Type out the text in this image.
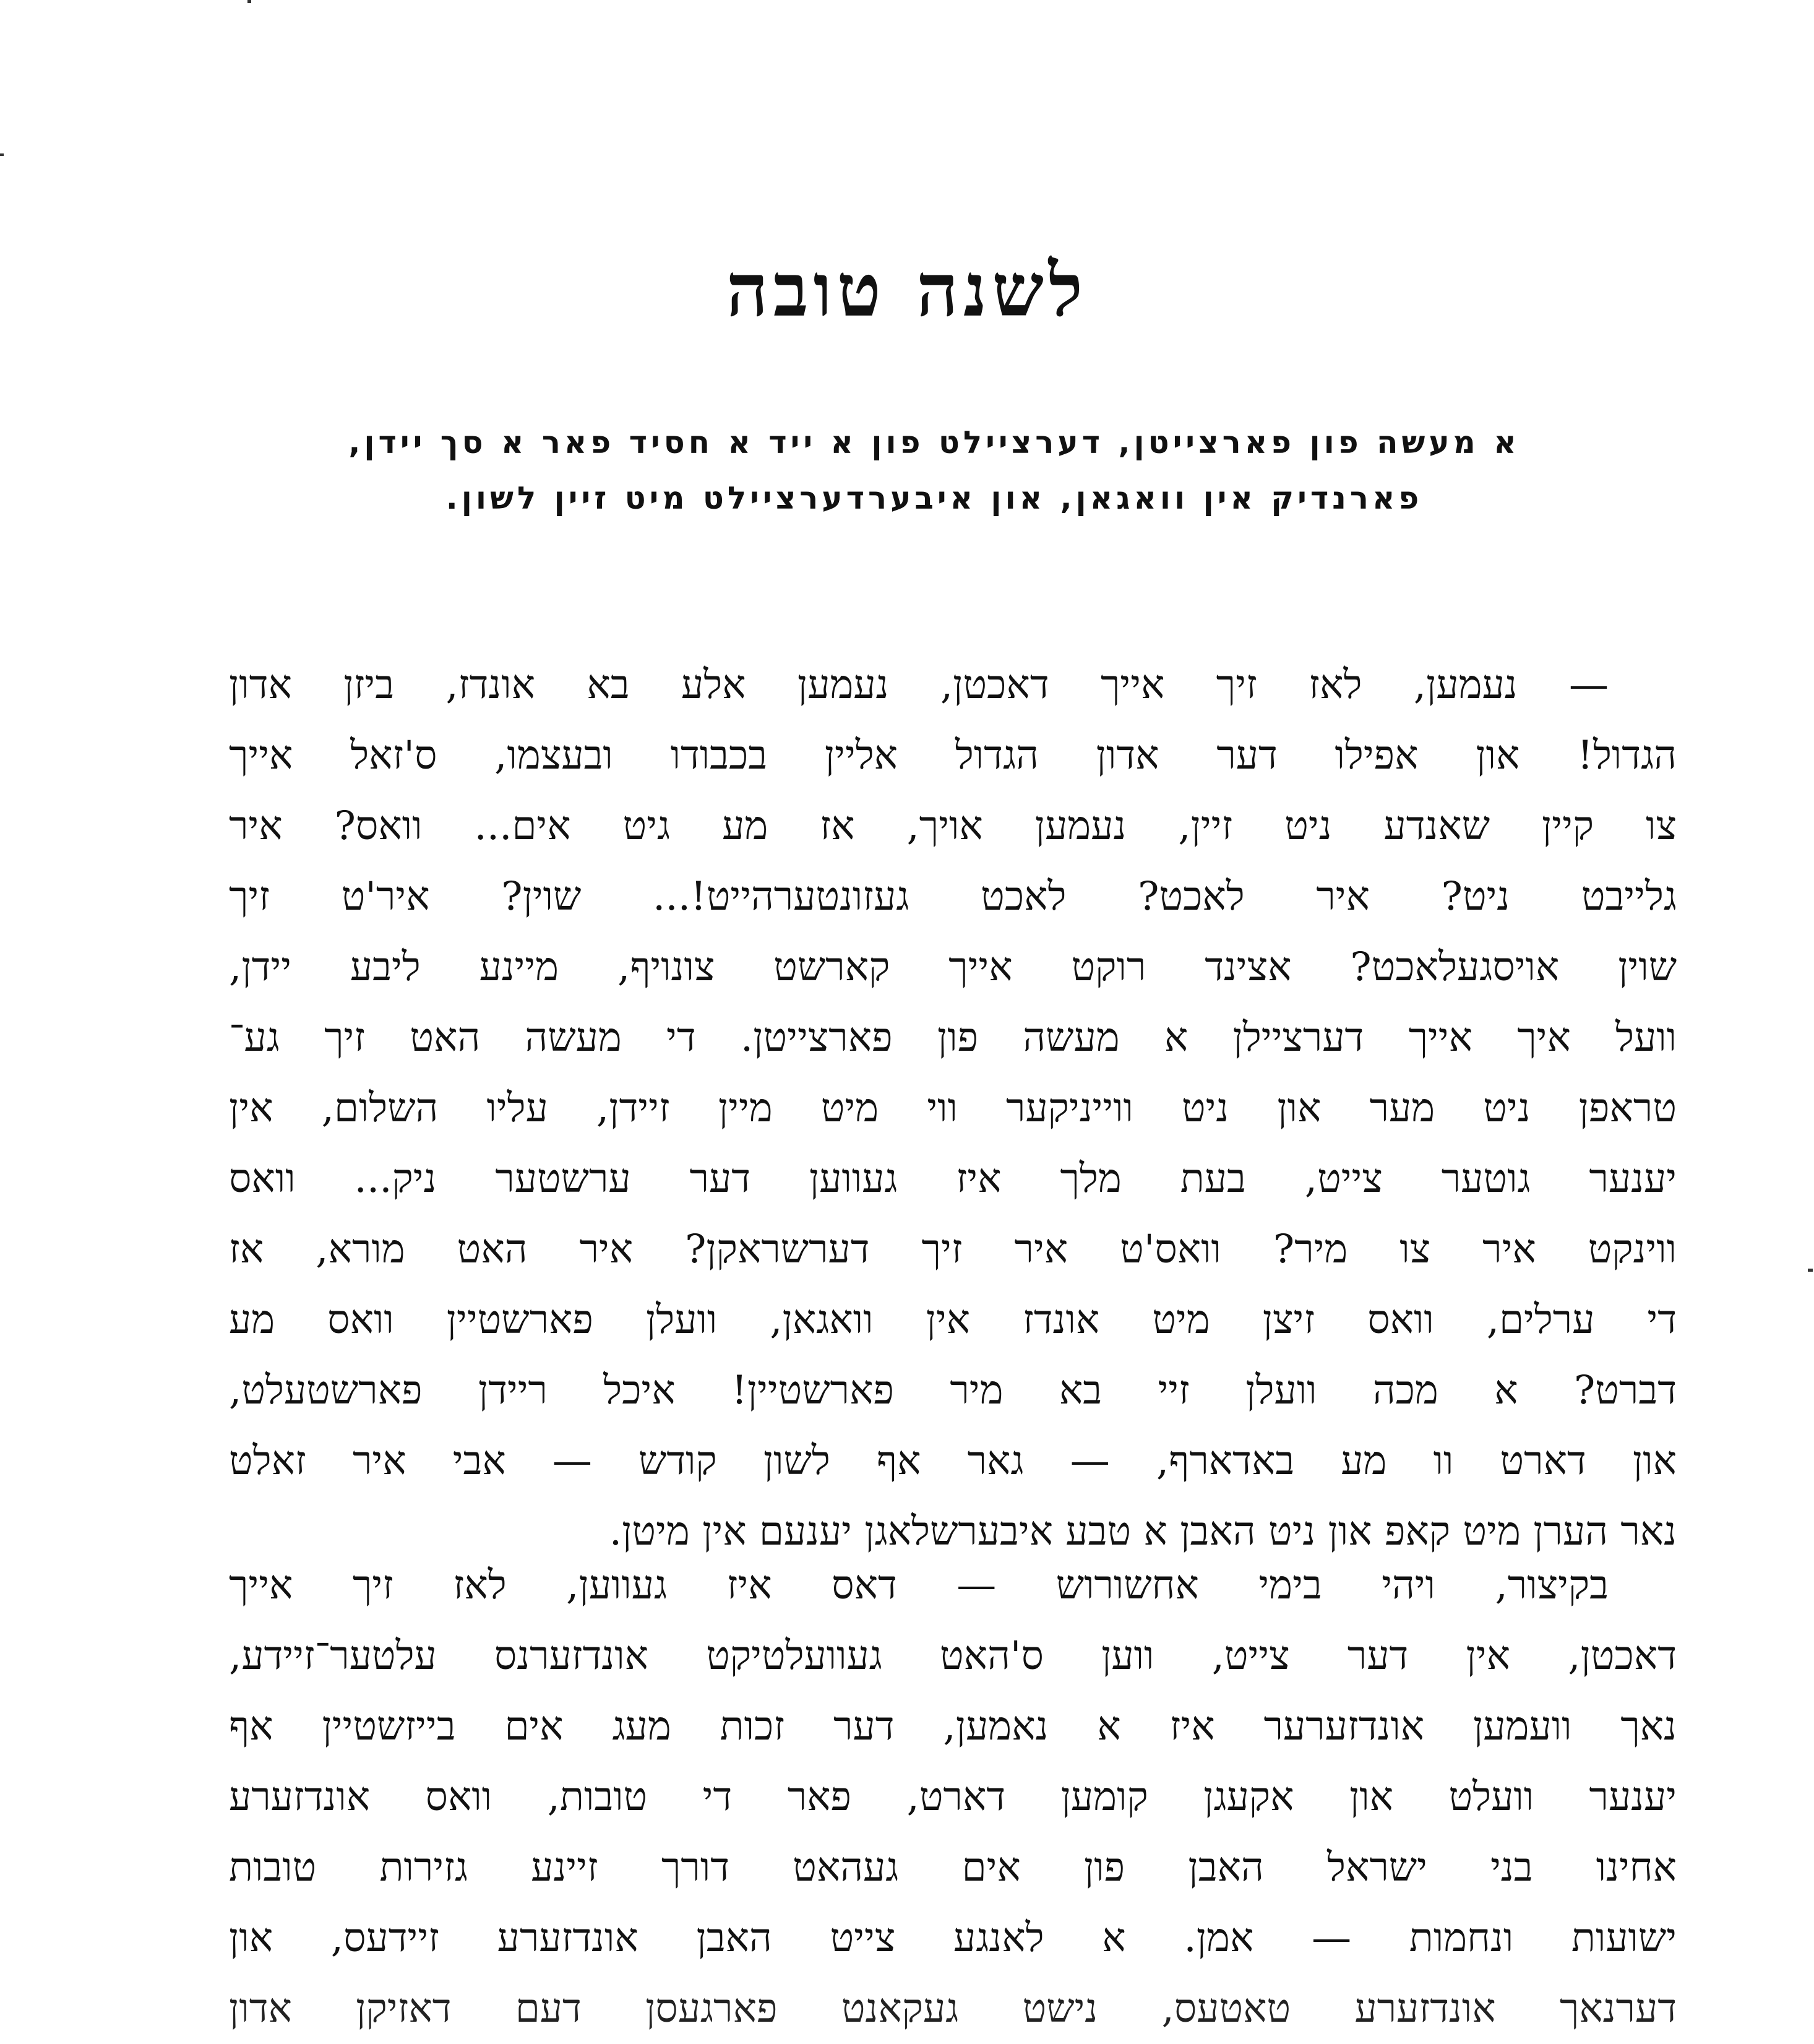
לשנה טובה
א מעשה פון פארצייטן, דערציילט פון א ייד א חסיד פאר א סך יידן,
פארנדיק אין וואגאן, און איבערדערציילט מיט זיין לשון.
— נעמען, לאז זיך אייך דאכטן, נעמען אלע בא אונדז, ביזן אדון
הגדול! און אפילו דער אדון הגדול אליין בכבודו ובעצמו, ס'זאל אייך
צו קיין שאנדע ניט זיין, נעמען אויך, אז מע גיט אים... וואס? איר
גלייבט ניט? איר לאכט? לאכט געזונטערהייט!... שוין? איר'ט זיך
שוין אויסגעלאכט? אצינד רוקט אייך קארשט צונויף, מיינע ליבע יידן,
וועל איך אייך דערציילן א מעשה פון פארצייטן. די מעשה האט זיך גע־
טראפן ניט מער און ניט ווייניקער ווי מיט מיין זיידן, עליו השלום, אין
יענער גוטער צייט, בעת מלך איז געווען דער ערשטער ניק... וואס
ווינקט איר צו מיר? וואס'ט איר זיך דערשראקן? איר האט מורא, אז
די ערלים, וואס זיצן מיט אונדז אין וואגאן, וועלן פארשטיין וואס מע
דברט? א מכה וועלן זיי בא מיר פארשטיין! איכל ריידן פארשטעלט,
און דארט וו מע באדארף, — גאר אף לשון קודש — אבי איר זאלט
נאר הערן מיט קאפ און ניט האבן א טבע איבערשלאגן יענעם אין מיטן.
בקיצור, ויהי בימי אחשורוש — דאס איז געווען, לאז זיך אייך
דאכטן, אין דער צייט, ווען ס'האט געוועלטיקט אונדזערנס עלטער־זיידע,
נאך וועמען אונדזערער איז א נאמען, דער זכות מעג אים בייזשטיין אף
יענער וועלט און אקעגן קומען דארט, פאר די טובות, וואס אונדזערע
אחינו בני ישראל האבן פון אים געהאט דורך זיינע גזירות טובות
ישועות ונחמות — אמן. א לאנגע צייט האבן אונדזערע זיידעס, און
דערנאך אונדזערע טאטעס, נישט געקאנט פארגעסן דעם דאזיקן אדון
